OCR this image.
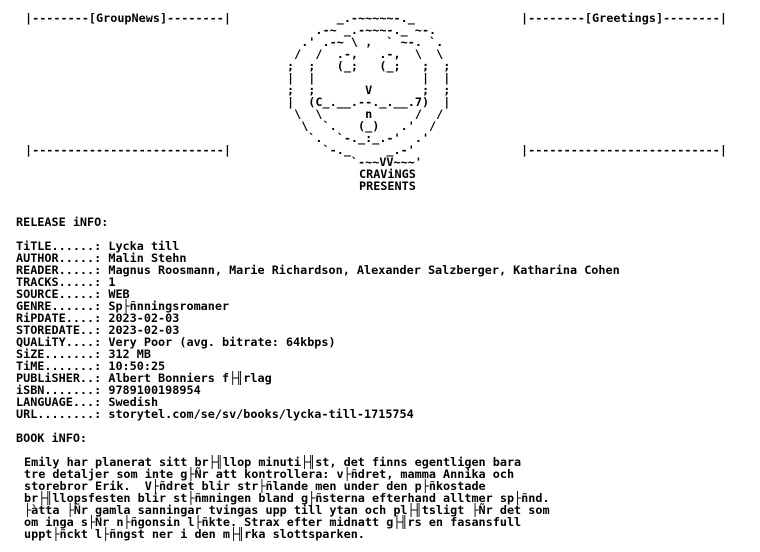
|--------[GroupNews]--------|	|--------[Greetings]--------|
_.-~~~~~-._
.-~ _.-~~~-._ ~-.
.' .-~ \ ,  ` ~-. `.
/  /  .-,   .-,  \  \
;  ;   (_;   (_;   ;  ;
|  |               |  |
;  ;       V       ;  ;
|  (C_.__.--._.__.7)  |
\  \      n      /  /
\  `.   (_)   .'  /
`.  `-._:_.-'  .'
`-._     _.-'
`-~~VV~~~'
|---------------------------|	|---------------------------|
CRAViNGS
PRESENTS
RELEASE iNFO:
TiTLE......: Lycka till
AUTHOR.....: Malin Stehn
READER.....: Magnus Roosmann, Marie Richardson, Alexander Salzberger, Katharina Cohen
TRACKS.....: 1
SOURCE.....: WEB
GENRE......: Sp├ñnningsromaner
RiPDATE....: 2023-02-03
STOREDATE..: 2023-02-03
QUALiTY....: Very Poor (avg. bitrate: 64kbps)
SiZE.......: 312 MB
TiME.......: 10:50:25
PUBLiSHER..: Albert Bonniers f├╢rlag
iSBN.......: 9789100198954
LANGUAGE...: Swedish
URL........: storytel.com/se/sv/books/lycka-till-1715754
BOOK iNFO:
Emily har planerat sitt br├╢llop minuti├╢st, det finns egentligen bara
tre detaljer som inte g├Ñr att kontrollera: v├ñdret, mamma Annika och
storebror Erik.  V├ñdret blir str├ñlande men under den p├ñkostade
br├╢llopsfesten blir st├ñmningen bland g├ñsterna efterhand alltmer sp├ñnd.
├àtta ├Ñr gamla sanningar tvingas upp till ytan och pl├╢tsligt ├Ñr det som
om inga s├Ñr n├ñgonsin l├ñkte. Strax efter midnatt g├╢rs en fasansfull
uppt├ñckt l├ñngst ner i den m├╢rka slottsparken.
